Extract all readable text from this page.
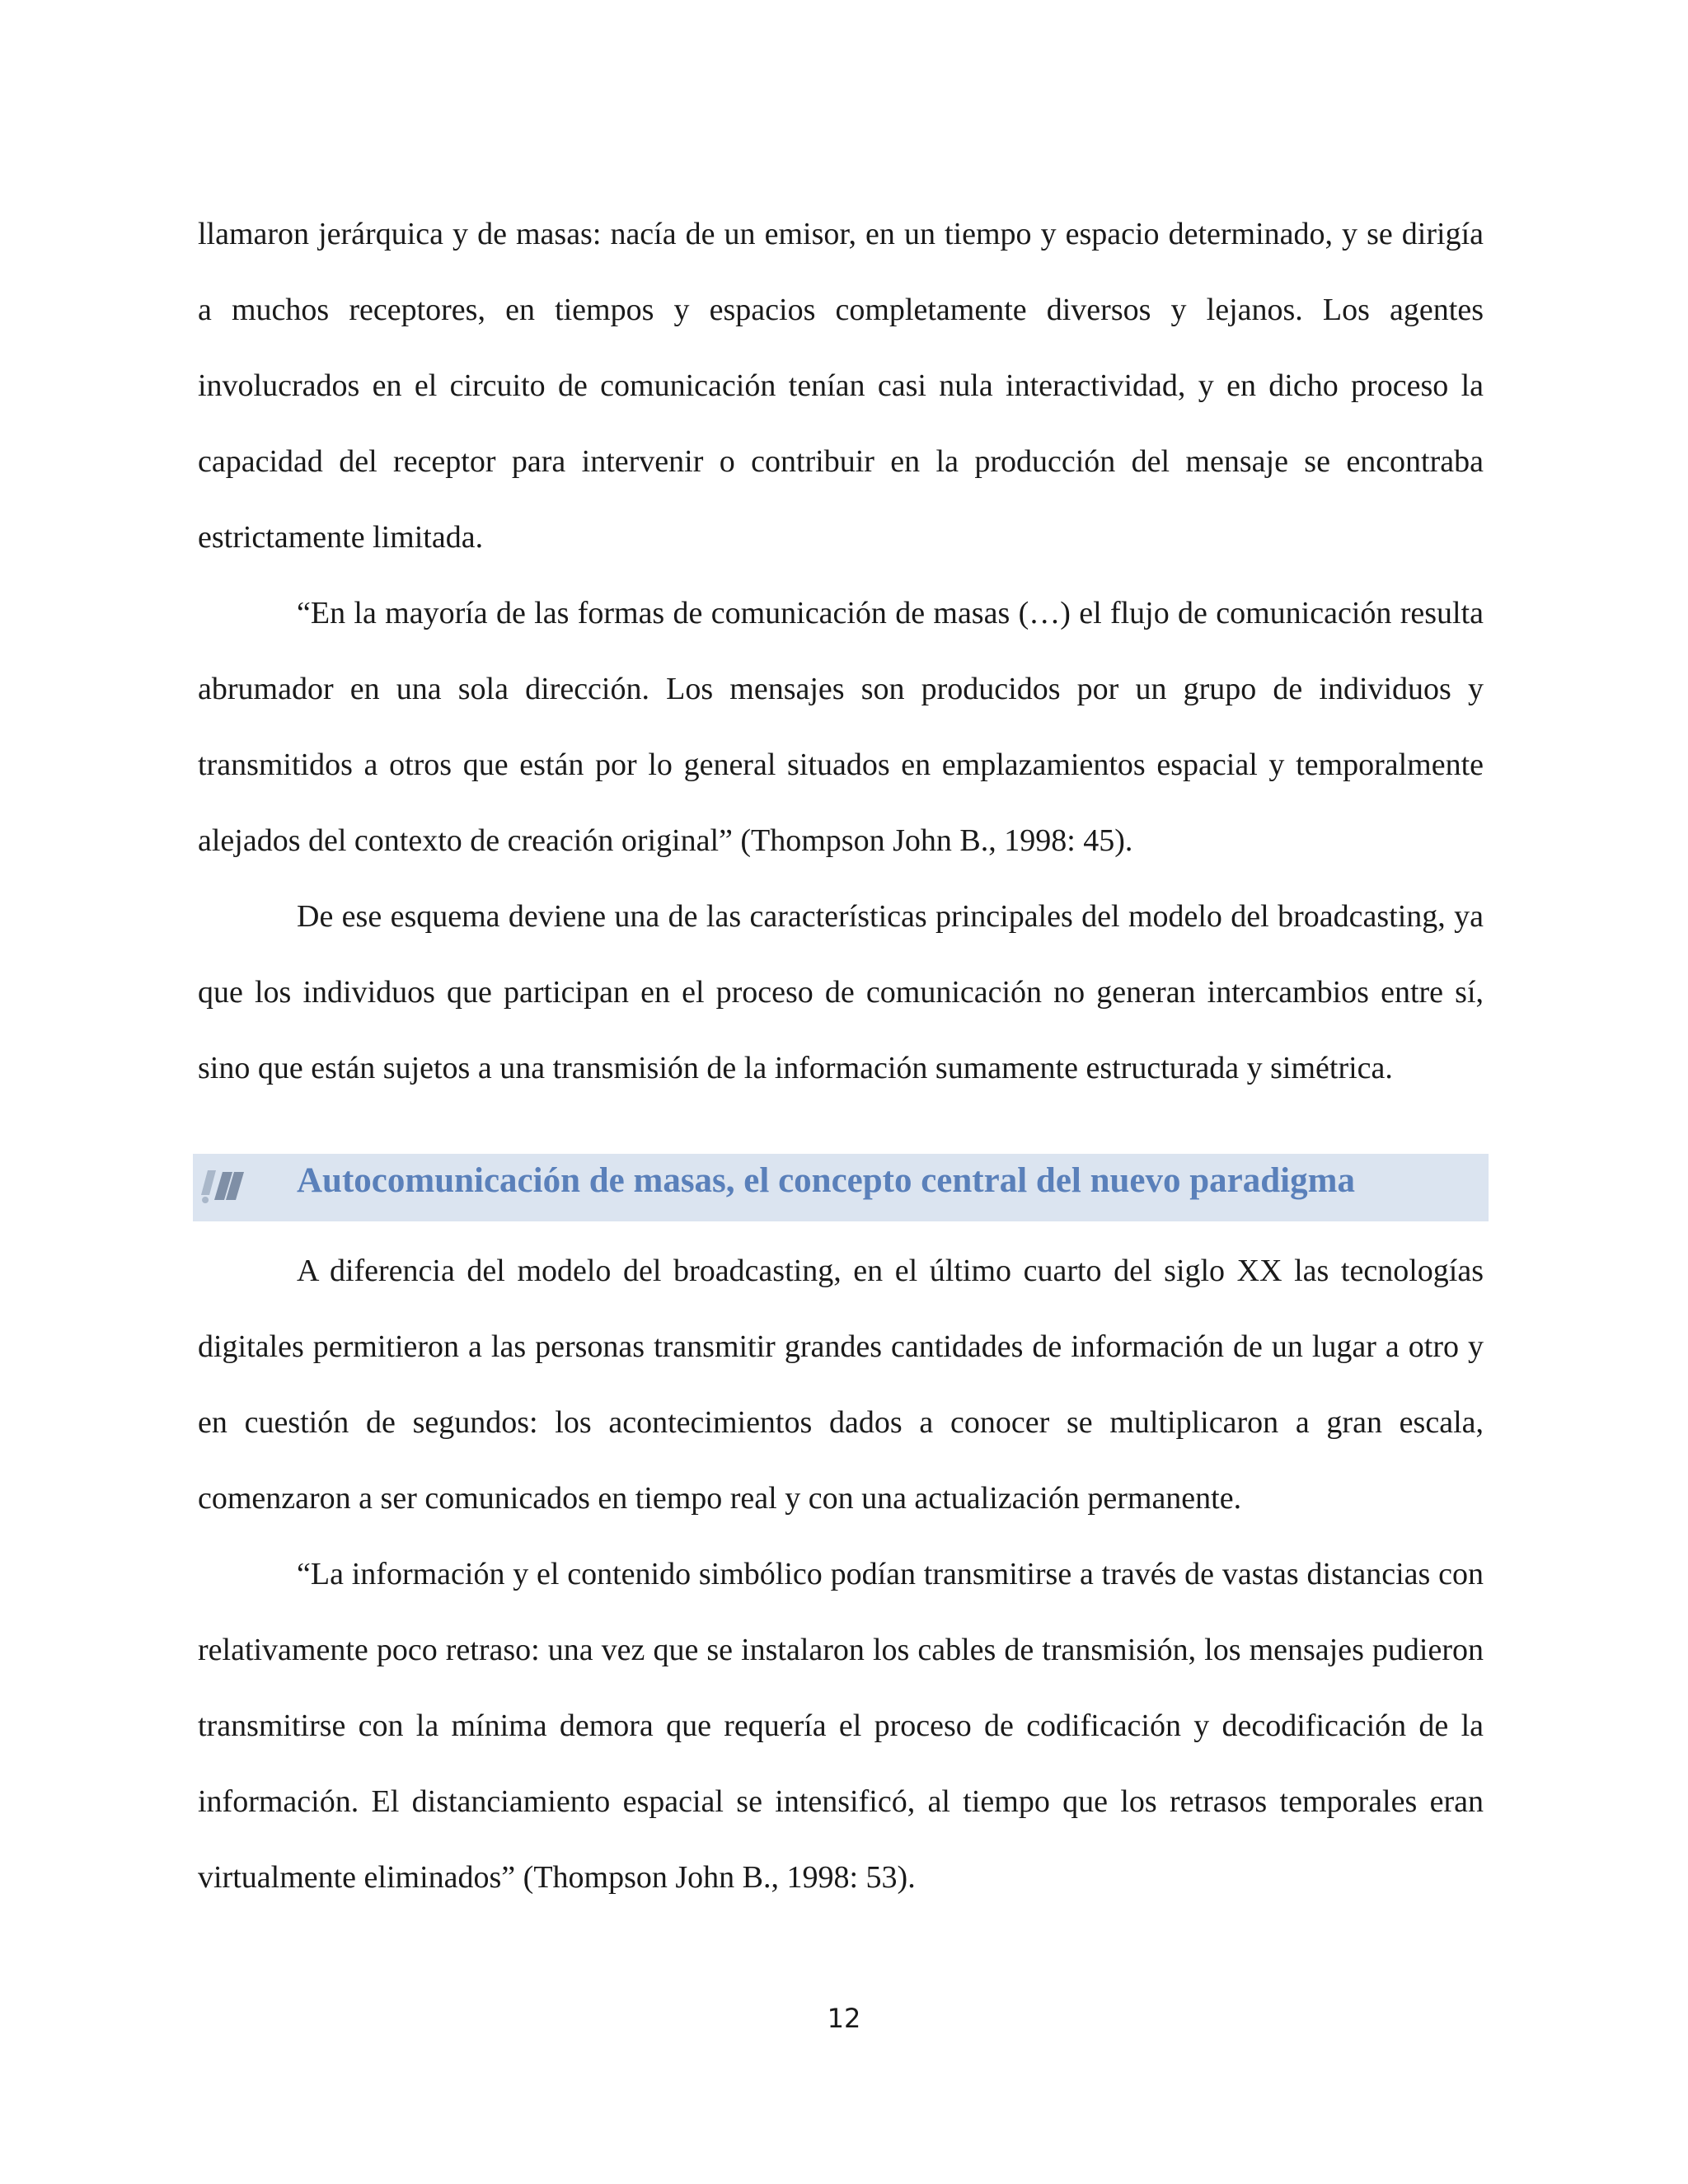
llamaron jerárquica y de masas: nacía de un emisor, en un tiempo y espacio determinado, y se dirigía a muchos receptores, en tiempos y espacios completamente diversos y lejanos. Los agentes involucrados en el circuito de comunicación tenían casi nula interactividad, y en dicho proceso la capacidad del receptor para intervenir o contribuir en la producción del mensaje se encontraba estrictamente limitada.

“En la mayoría de las formas de comunicación de masas (…) el flujo de comunicación resulta abrumador en una sola dirección. Los mensajes son producidos por un grupo de individuos y transmitidos a otros que están por lo general situados en emplazamientos espacial y temporalmente alejados del contexto de creación original” (Thompson John B., 1998: 45).

De ese esquema deviene una de las características principales del modelo del broadcasting, ya que los individuos que participan en el proceso de comunicación no generan intercambios entre sí, sino que están sujetos a una transmisión de la información sumamente estructurada y simétrica.

Autocomunicación de masas, el concepto central del nuevo paradigma

A diferencia del modelo del broadcasting, en el último cuarto del siglo XX las tecnologías digitales permitieron a las personas transmitir grandes cantidades de información de un lugar a otro y en cuestión de segundos: los acontecimientos dados a conocer se multiplicaron a gran escala, comenzaron a ser comunicados en tiempo real y con una actualización permanente.

“La información y el contenido simbólico podían transmitirse a través de vastas distancias con relativamente poco retraso: una vez que se instalaron los cables de transmisión, los mensajes pudieron transmitirse con la mínima demora que requería el proceso de codificación y decodificación de la información. El distanciamiento espacial se intensificó, al tiempo que los retrasos temporales eran virtualmente eliminados” (Thompson John B., 1998: 53).

12
